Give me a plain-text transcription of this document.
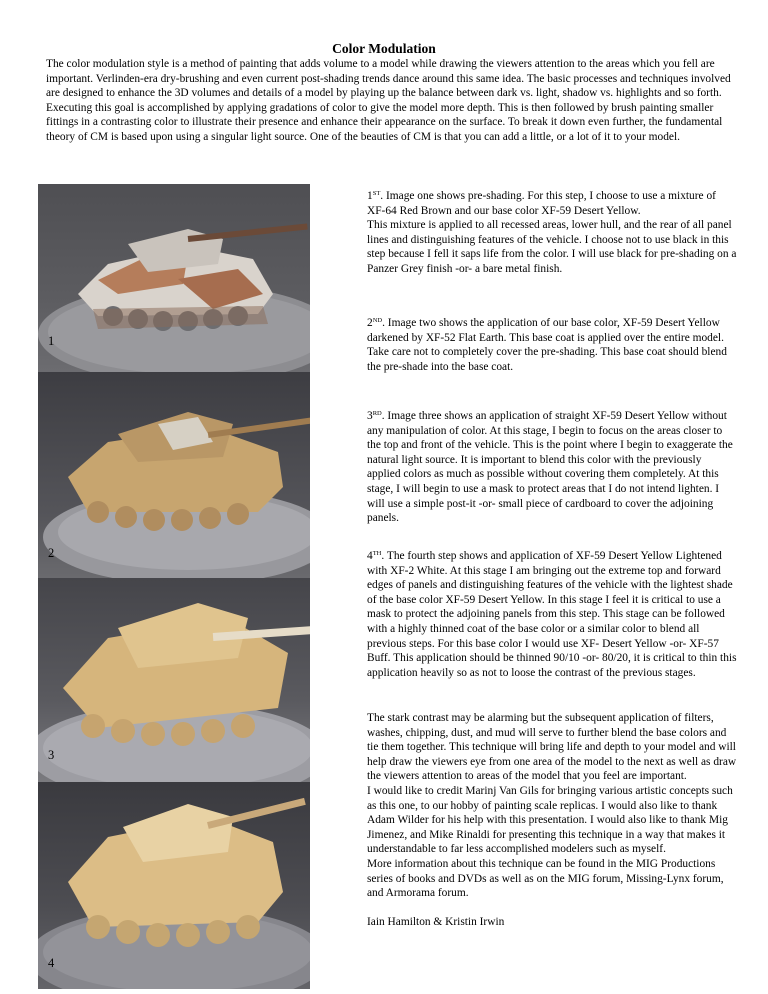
Color Modulation

The color modulation style is a method of painting that adds volume to a model while drawing the viewers attention to the areas which you fell are important. Verlinden-era dry-brushing and even current post-shading trends dance around this same idea. The basic processes and techniques involved are designed to enhance the 3D volumes and details of a model by playing up the balance between dark vs. light, shadow vs. highlights and so forth. Executing this goal is accomplished by applying gradations of color to give the model more depth. This is then followed by brush painting smaller fittings in a contrasting color to illustrate their presence and enhance their appearance on the surface. To break it down even further, the fundamental theory of CM is based upon using a singular light source. One of the beauties of CM is that you can add a little, or a lot of it to your model.

1
2
3
4
1ST. Image one shows pre-shading. For this step, I choose to use a mixture of XF-64 Red Brown and our base color XF-59 Desert Yellow.
This mixture is applied to all recessed areas, lower hull, and the rear of all panel lines and distinguishing features of the vehicle. I choose not to use black in this step because I fell it saps life from the color. I will use black for pre-shading on a Panzer Grey finish -or- a bare metal finish.
2ND. Image two shows the application of our base color, XF-59 Desert Yellow darkened by XF-52 Flat Earth. This base coat is applied over the entire model. Take care not to completely cover the pre-shading. This base coat should blend the pre-shade into the base coat.
3RD. Image three shows an application of straight XF-59 Desert Yellow without any manipulation of color. At this stage, I begin to focus on the areas closer to the top and front of the vehicle. This is the point where I begin to exaggerate the natural light source. It is important to blend this color with the previously applied colors as much as possible without covering them completely. At this stage, I will begin to use a mask to protect areas that I do not intend lighten. I will use a simple post-it -or- small piece of cardboard to cover the adjoining panels.
4TH. The fourth step shows and application of XF-59 Desert Yellow Lightened with XF-2 White. At this stage I am bringing out the extreme top and forward edges of panels and distinguishing features of the vehicle with the lightest shade of the base color XF-59 Desert Yellow. In this stage I feel it is critical to use a mask to protect the adjoining panels from this step. This stage can be followed with a highly thinned coat of the base color or a similar color to blend all previous steps. For this base color I would use XF- Desert Yellow -or- XF-57 Buff. This application should be thinned 90/10 -or- 80/20, it is critical to thin this application heavily so as not to loose the contrast of the previous stages.
The stark contrast may be alarming but the subsequent application of filters, washes, chipping, dust, and mud will serve to further blend the base colors and tie them together. This technique will bring life and depth to your model and will help draw the viewers eye from one area of the model to the next as well as draw the viewers attention to areas of the model that you feel are important.
I would like to credit Marinj Van Gils for bringing various artistic concepts such as this one, to our hobby of painting scale replicas. I would also like to thank Adam Wilder for his help with this presentation. I would also like to thank Mig Jimenez, and Mike Rinaldi for presenting this technique in a way that makes it understandable to far less accomplished modelers such as myself.
More information about this technique can be found in the MIG Productions series of books and DVDs as well as on the MIG forum, Missing-Lynx forum, and Armorama forum.

Iain Hamilton & Kristin Irwin
